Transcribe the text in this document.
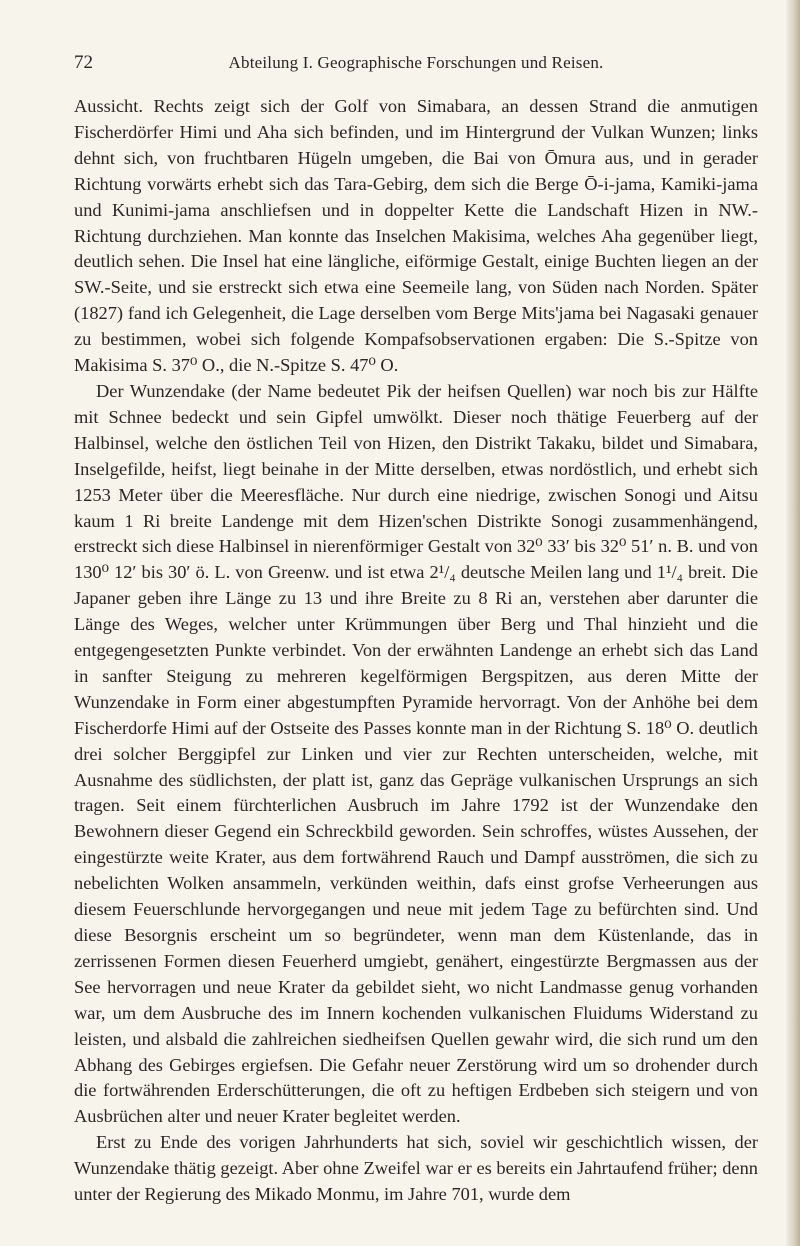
72	Abteilung I. Geographische Forschungen und Reisen.

Aussicht. Rechts zeigt sich der Golf von Simabara, an dessen Strand die anmutigen Fischerdörfer Himi und Aha sich befinden, und im Hintergrund der Vulkan Wunzen; links dehnt sich, von fruchtbaren Hügeln umgeben, die Bai von Ōmura aus, und in gerader Richtung vorwärts erhebt sich das Tara-Gebirg, dem sich die Berge Ō-i-jama, Kamiki-jama und Kunimi-jama anschliefsen und in doppelter Kette die Landschaft Hizen in NW.-Richtung durchziehen. Man konnte das Inselchen Makisima, welches Aha gegenüber liegt, deutlich sehen. Die Insel hat eine längliche, eiförmige Gestalt, einige Buchten liegen an der SW.-Seite, und sie erstreckt sich etwa eine Seemeile lang, von Süden nach Norden. Später (1827) fand ich Gelegenheit, die Lage derselben vom Berge Mits'jama bei Nagasaki genauer zu bestimmen, wobei sich folgende Kompafsobservationen ergaben: Die S.-Spitze von Makisima S. 37⁰ O., die N.-Spitze S. 47⁰ O.

Der Wunzendake (der Name bedeutet Pik der heifsen Quellen) war noch bis zur Hälfte mit Schnee bedeckt und sein Gipfel umwölkt. Dieser noch thätige Feuerberg auf der Halbinsel, welche den östlichen Teil von Hizen, den Distrikt Takaku, bildet und Simabara, Inselgefilde, heifst, liegt beinahe in der Mitte derselben, etwas nordöstlich, und erhebt sich 1253 Meter über die Meeresfläche. Nur durch eine niedrige, zwischen Sonogi und Aitsu kaum 1 Ri breite Landenge mit dem Hizen'schen Distrikte Sonogi zusammenhängend, erstreckt sich diese Halbinsel in nierenförmiger Gestalt von 32⁰ 33′ bis 32⁰ 51′ n. B. und von 130⁰ 12′ bis 30′ ö. L. von Greenw. und ist etwa 2¹/₄ deutsche Meilen lang und 1¹/₄ breit. Die Japaner geben ihre Länge zu 13 und ihre Breite zu 8 Ri an, verstehen aber darunter die Länge des Weges, welcher unter Krümmungen über Berg und Thal hinzieht und die entgegengesetzten Punkte verbindet. Von der erwähnten Landenge an erhebt sich das Land in sanfter Steigung zu mehreren kegelförmigen Bergspitzen, aus deren Mitte der Wunzendake in Form einer abgestumpften Pyramide hervorragt. Von der Anhöhe bei dem Fischerdorfe Himi auf der Ostseite des Passes konnte man in der Richtung S. 18⁰ O. deutlich drei solcher Berggipfel zur Linken und vier zur Rechten unterscheiden, welche, mit Ausnahme des südlichsten, der platt ist, ganz das Gepräge vulkanischen Ursprungs an sich tragen. Seit einem fürchterlichen Ausbruch im Jahre 1792 ist der Wunzendake den Bewohnern dieser Gegend ein Schreckbild geworden. Sein schroffes, wüstes Aussehen, der eingestürzte weite Krater, aus dem fortwährend Rauch und Dampf ausströmen, die sich zu nebelichten Wolken ansammeln, verkünden weithin, dafs einst grofse Verheerungen aus diesem Feuerschlunde hervorgegangen und neue mit jedem Tage zu befürchten sind. Und diese Besorgnis erscheint um so begründeter, wenn man dem Küstenlande, das in zerrissenen Formen diesen Feuerherd umgiebt, genähert, eingestürzte Bergmassen aus der See hervorragen und neue Krater da gebildet sieht, wo nicht Landmasse genug vorhanden war, um dem Ausbruche des im Innern kochenden vulkanischen Fluidums Widerstand zu leisten, und alsbald die zahlreichen siedheifsen Quellen gewahr wird, die sich rund um den Abhang des Gebirges ergiefsen. Die Gefahr neuer Zerstörung wird um so drohender durch die fortwährenden Erderschütterungen, die oft zu heftigen Erdbeben sich steigern und von Ausbrüchen alter und neuer Krater begleitet werden.

Erst zu Ende des vorigen Jahrhunderts hat sich, soviel wir geschichtlich wissen, der Wunzendake thätig gezeigt. Aber ohne Zweifel war er es bereits ein Jahrtaufend früher; denn unter der Regierung des Mikado Monmu, im Jahre 701, wurde dem
